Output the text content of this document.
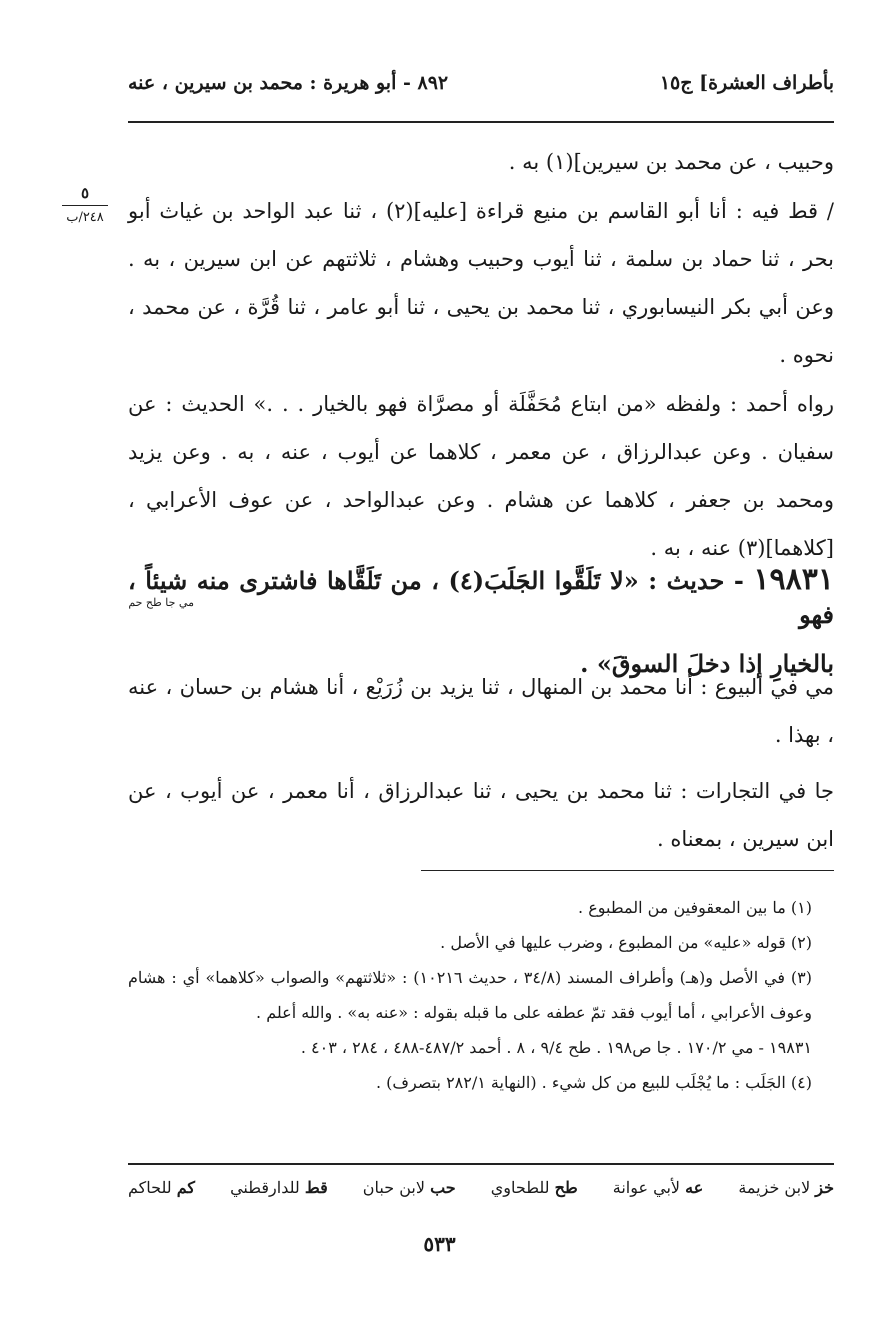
بأطراف العشرة] ج١٥
٨٩٢ - أبو هريرة : محمد بن سيرين ، عنه
٥
٢٤٨/ب

وحبيب ، عن محمد بن سيرين](١) به .

/ قط فيه : أنا أبو القاسم بن منيع قراءة [عليه](٢) ، ثنا عبد الواحد بن غياث أبو بحر ، ثنا حماد بن سلمة ، ثنا أيوب وحبيب وهشام ، ثلاثتهم عن ابن سيرين ، به . وعن أبي بكر النيسابوري ، ثنا محمد بن يحيى ، ثنا أبو عامر ، ثنا قُرَّة ، عن محمد ، نحوه .

رواه أحمد : ولفظه «من ابتاع مُحَفَّلَة أو مصرَّاة فهو بالخيار . . .» الحديث : عن سفيان . وعن عبدالرزاق ، عن معمر ، كلاهما عن أيوب ، عنه ، به . وعن يزيد ومحمد بن جعفر ، كلاهما عن هشام . وعن عبدالواحد ، عن عوف الأعرابي ، [كلاهما](٣) عنه ، به .

١٩٨٣١ - حديث : «لا تَلَقَّوا الجَلَبَ(٤) ، من تَلَقَّاها فاشترى منه شيئاً ، فهو
بالخيارِ إذا دخلَ السوقَ» .
مي جا طح حم

مي في البيوع : أنا محمد بن المنهال ، ثنا يزيد بن زُرَيْع ، أنا هشام بن حسان ، عنه ، بهذا .

جا في التجارات : ثنا محمد بن يحيى ، ثنا عبدالرزاق ، أنا معمر ، عن أيوب ، عن ابن سيرين ، بمعناه .

(١) ما بين المعقوفين من المطبوع .

(٢) قوله «عليه» من المطبوع ، وضرب عليها في الأصل .

(٣) في الأصل و(هـ) وأطراف المسند (٣٤/٨ ، حديث ١٠٢١٦) : «ثلاثتهم» والصواب «كلاهما» أي : هشام وعوف الأعرابي ، أما أيوب فقد تمّ عطفه على ما قبله بقوله : «عنه به» . والله أعلم .

١٩٨٣١ - مي ١٧٠/٢ . جا ص١٩٨ . طح ٩/٤ ، ٨ . أحمد ٤٨٧/٢-٤٨٨ ، ٢٨٤ ، ٤٠٣ .

(٤) الجَلَب : ما يُجْلَب للبيع من كل شيء . (النهاية ٢٨٢/١ بتصرف) .

خز لابن خزيمة
عه لأبي عوانة
طح للطحاوي
حب لابن حبان
قط للدارقطني
كم للحاكم
٥٣٣
